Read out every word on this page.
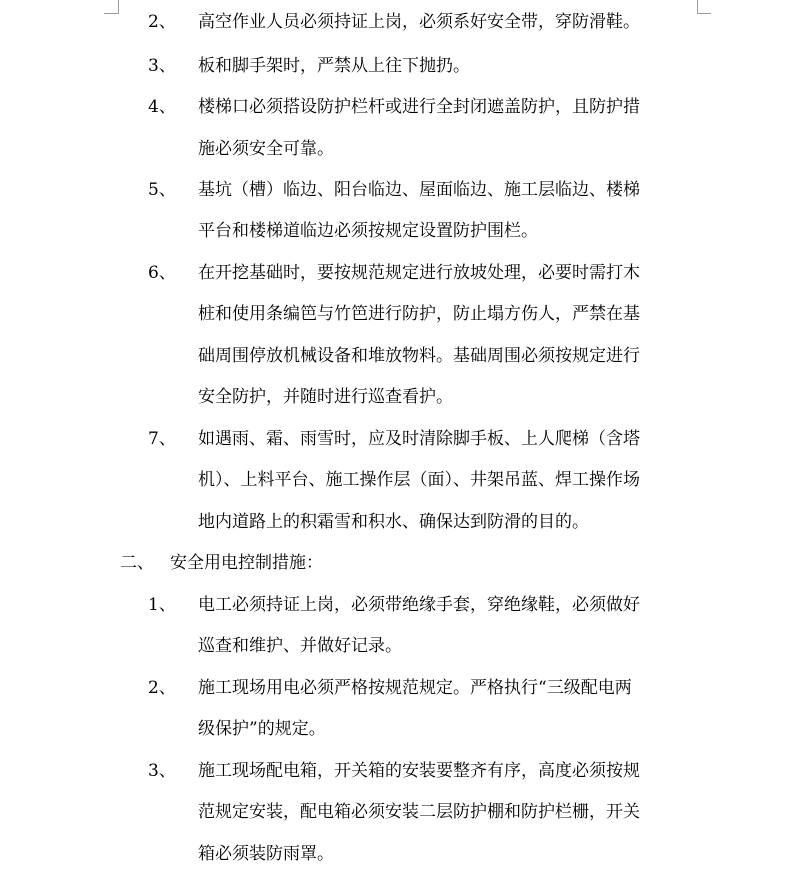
2、 高空作业人员必须持证上岗，必须系好安全带，穿防滑鞋。
3、 板和脚手架时，严禁从上往下抛扔。
4、 楼梯口必须搭设防护栏杆或进行全封闭遮盖防护，且防护措
施必须安全可靠。
5、 基坑（槽）临边、阳台临边、屋面临边、施工层临边、楼梯
平台和楼梯道临边必须按规定设置防护围栏。
6、 在开挖基础时，要按规范规定进行放坡处理，必要时需打木
桩和使用条编笆与竹笆进行防护，防止塌方伤人，严禁在基
础周围停放机械设备和堆放物料。基础周围必须按规定进行
安全防护，并随时进行巡查看护。
7、 如遇雨、霜、雨雪时，应及时清除脚手板、上人爬梯（含塔
机）、上料平台、施工操作层（面）、井架吊蓝、焊工操作场
地内道路上的积霜雪和积水、确保达到防滑的目的。
二、 安全用电控制措施：
1、 电工必须持证上岗，必须带绝缘手套，穿绝缘鞋，必须做好
巡查和维护、并做好记录。
2、 施工现场用电必须严格按规范规定。严格执行“三级配电两
级保护”的规定。
3、 施工现场配电箱，开关箱的安装要整齐有序，高度必须按规
范规定安装，配电箱必须安装二层防护棚和防护栏栅，开关
箱必须装防雨罩。
